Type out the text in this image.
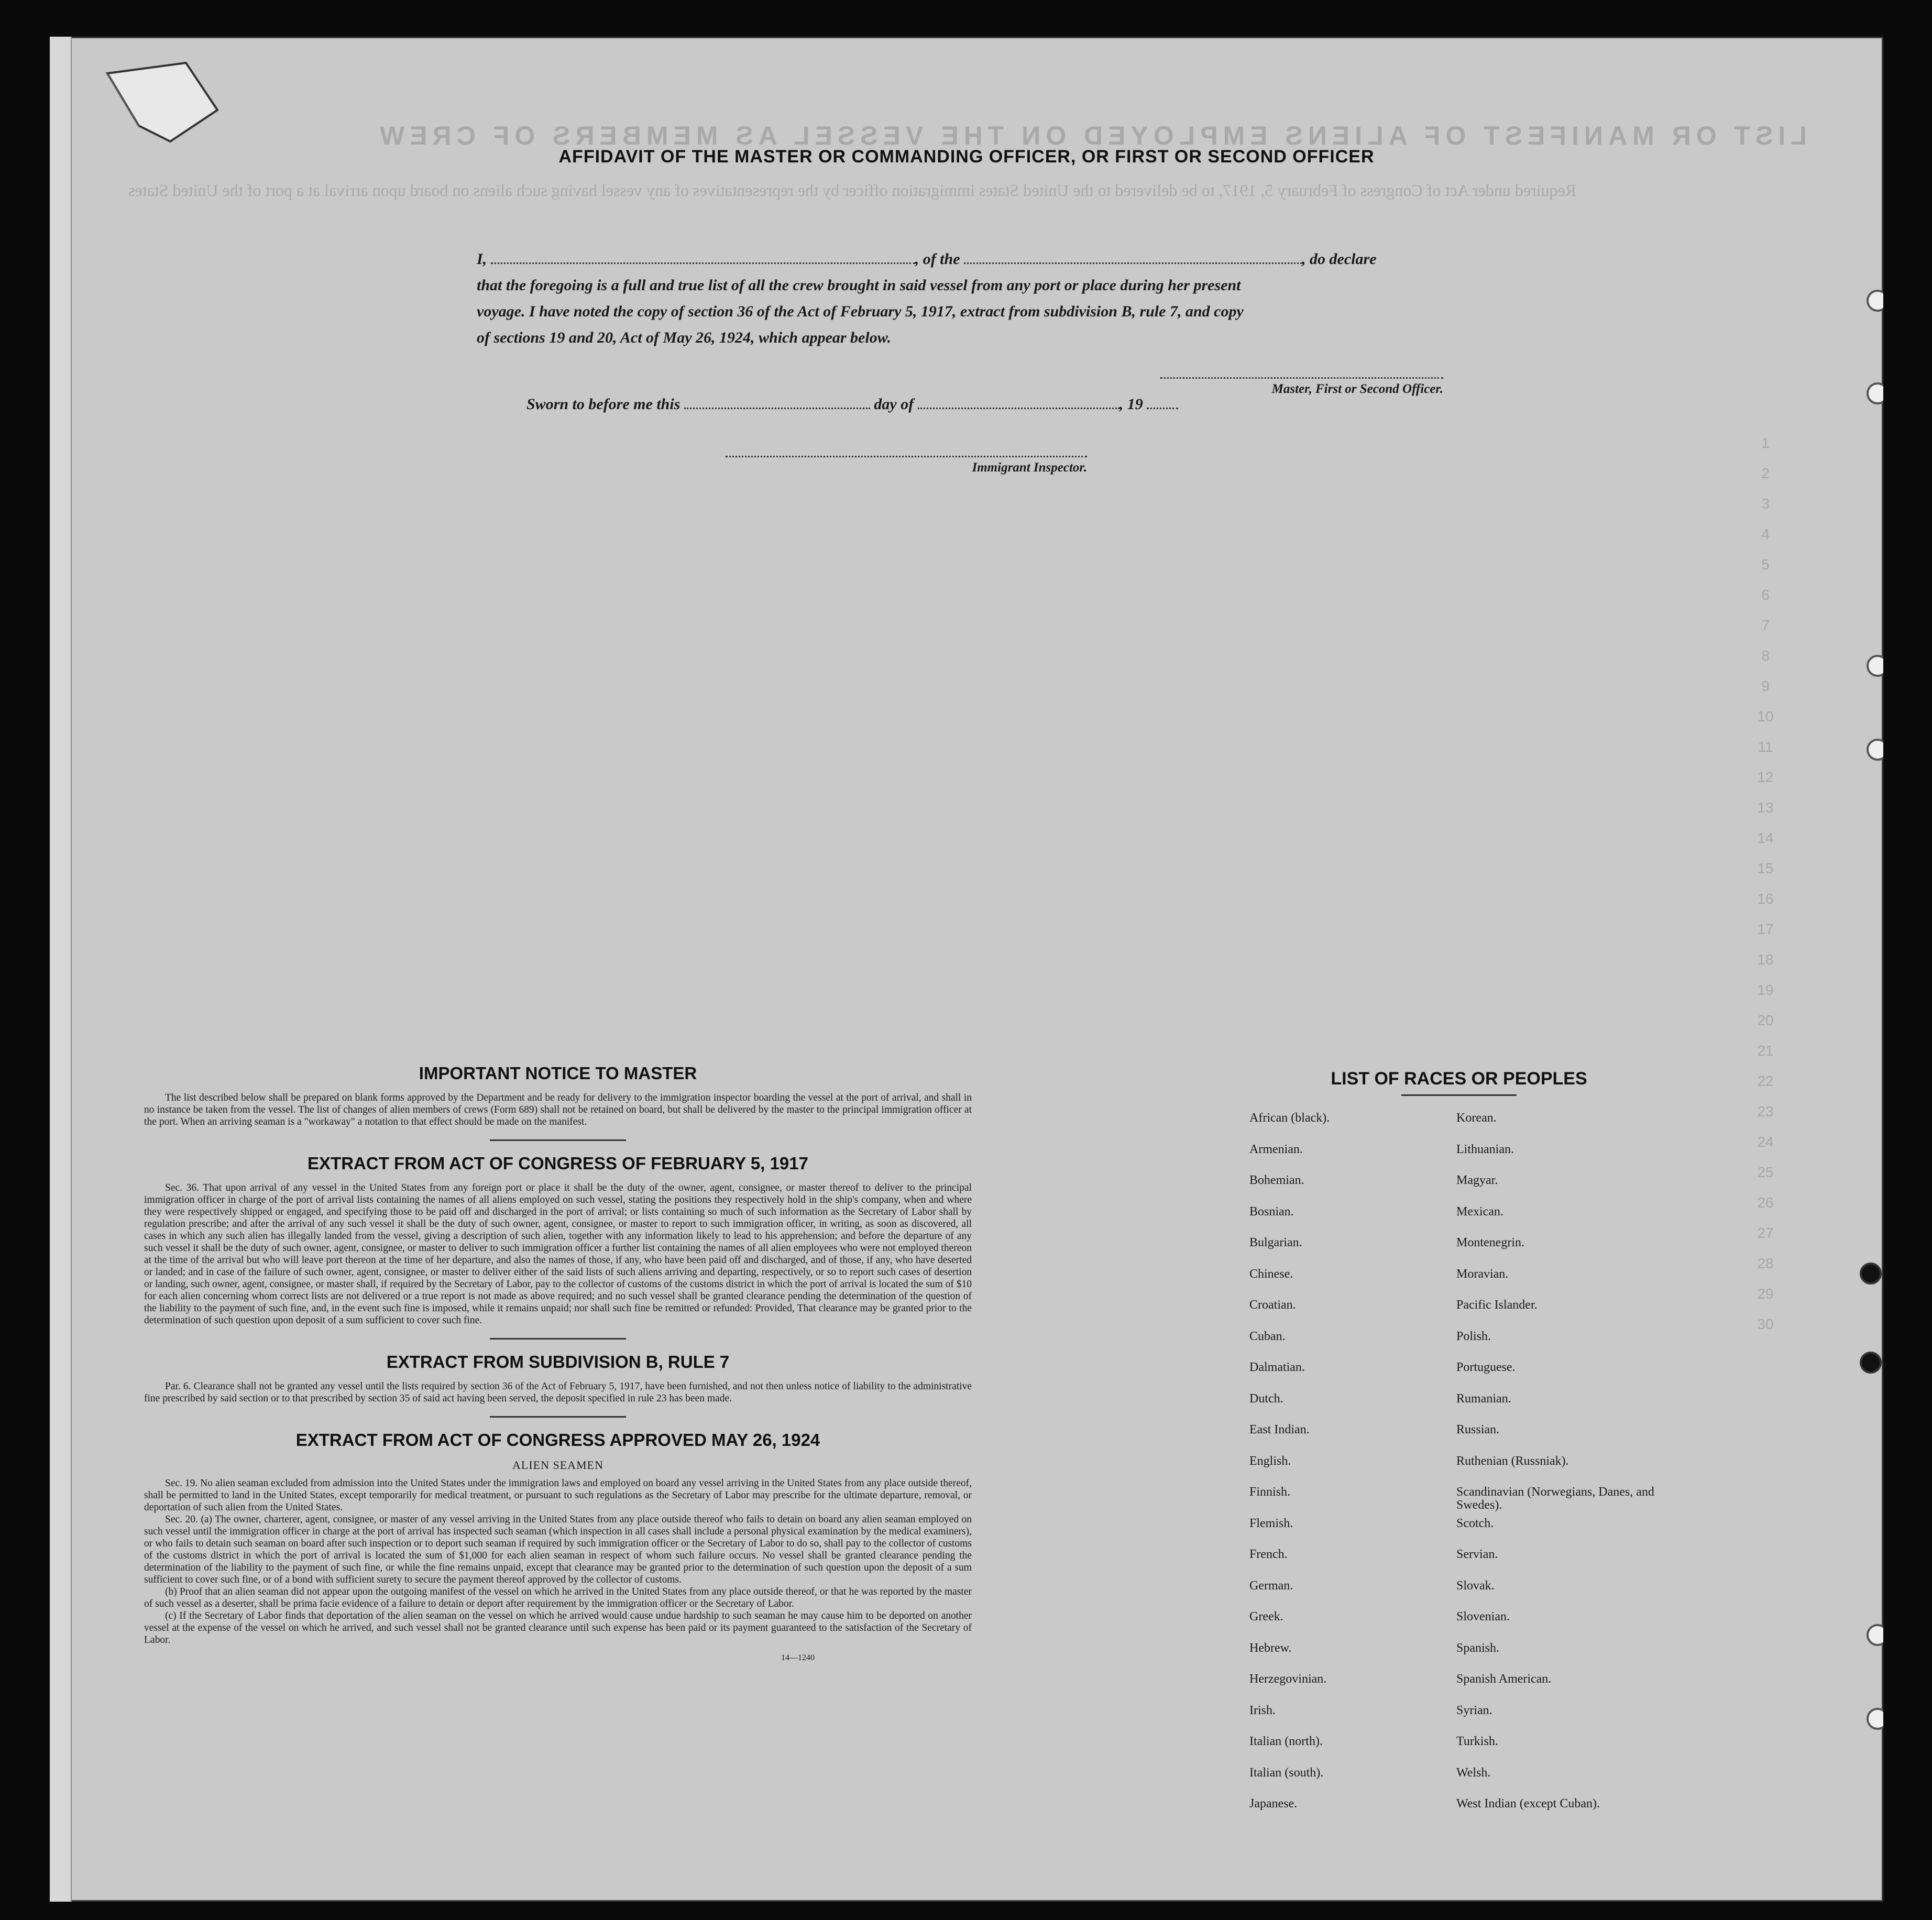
LIST OR MANIFEST OF ALIENS EMPLOYED ON THE VESSEL AS MEMBERS OF CREW
Required under Act of Congress of February 5, 1917, to be delivered to the United States immigration officer by the representatives of any vessel having such aliens on board upon arrival at a port of the United States
1
2
3
4
5
6
7
8
9
10
11
12
13
14
15
16
17
18
19
20
21
22
23
24
25
26
27
28
29
30
AFFIDAVIT OF THE MASTER OR COMMANDING OFFICER, OR FIRST OR SECOND OFFICER
I,	, of the	, do declare
that the foregoing is a full and true list of all the crew brought in said vessel from any port or place during her present
voyage. I have noted the copy of section 36 of the Act of February 5, 1917, extract from subdivision B, rule 7, and copy
of sections 19 and 20, Act of May 26, 1924, which appear below.
Master, First or Second Officer.
Sworn to before me this	day of	, 19
Immigrant Inspector.
IMPORTANT NOTICE TO MASTER

The list described below shall be prepared on blank forms approved by the Department and be ready for delivery to the immigration inspector boarding the vessel at the port of arrival, and shall in no instance be taken from the vessel. The list of changes of alien members of crews (Form 689) shall not be retained on board, but shall be delivered by the master to the principal immigration officer at the port. When an arriving seaman is a "workaway" a notation to that effect should be made on the manifest.

EXTRACT FROM ACT OF CONGRESS OF FEBRUARY 5, 1917

Sec. 36. That upon arrival of any vessel in the United States from any foreign port or place it shall be the duty of the owner, agent, consignee, or master thereof to deliver to the principal immigration officer in charge of the port of arrival lists containing the names of all aliens employed on such vessel, stating the positions they respectively hold in the ship's company, when and where they were respectively shipped or engaged, and specifying those to be paid off and discharged in the port of arrival; or lists containing so much of such information as the Secretary of Labor shall by regulation prescribe; and after the arrival of any such vessel it shall be the duty of such owner, agent, consignee, or master to report to such immigration officer, in writing, as soon as discovered, all cases in which any such alien has illegally landed from the vessel, giving a description of such alien, together with any information likely to lead to his apprehension; and before the departure of any such vessel it shall be the duty of such owner, agent, consignee, or master to deliver to such immigration officer a further list containing the names of all alien employees who were not employed thereon at the time of the arrival but who will leave port thereon at the time of her departure, and also the names of those, if any, who have been paid off and discharged, and of those, if any, who have deserted or landed; and in case of the failure of such owner, agent, consignee, or master to deliver either of the said lists of such aliens arriving and departing, respectively, or so to report such cases of desertion or landing, such owner, agent, consignee, or master shall, if required by the Secretary of Labor, pay to the collector of customs of the customs district in which the port of arrival is located the sum of $10 for each alien concerning whom correct lists are not delivered or a true report is not made as above required; and no such vessel shall be granted clearance pending the determination of the question of the liability to the payment of such fine, and, in the event such fine is imposed, while it remains unpaid; nor shall such fine be remitted or refunded: Provided, That clearance may be granted prior to the determination of such question upon deposit of a sum sufficient to cover such fine.

EXTRACT FROM SUBDIVISION B, RULE 7

Par. 6. Clearance shall not be granted any vessel until the lists required by section 36 of the Act of February 5, 1917, have been furnished, and not then unless notice of liability to the administrative fine prescribed by said section or to that prescribed by section 35 of said act having been served, the deposit specified in rule 23 has been made.

EXTRACT FROM ACT OF CONGRESS APPROVED MAY 26, 1924
ALIEN SEAMEN

Sec. 19. No alien seaman excluded from admission into the United States under the immigration laws and employed on board any vessel arriving in the United States from any place outside thereof, shall be permitted to land in the United States, except temporarily for medical treatment, or pursuant to such regulations as the Secretary of Labor may prescribe for the ultimate departure, removal, or deportation of such alien from the United States.

Sec. 20. (a) The owner, charterer, agent, consignee, or master of any vessel arriving in the United States from any place outside thereof who fails to detain on board any alien seaman employed on such vessel until the immigration officer in charge at the port of arrival has inspected such seaman (which inspection in all cases shall include a personal physical examination by the medical examiners), or who fails to detain such seaman on board after such inspection or to deport such seaman if required by such immigration officer or the Secretary of Labor to do so, shall pay to the collector of customs of the customs district in which the port of arrival is located the sum of $1,000 for each alien seaman in respect of whom such failure occurs. No vessel shall be granted clearance pending the determination of the liability to the payment of such fine, or while the fine remains unpaid, except that clearance may be granted prior to the determination of such question upon the deposit of a sum sufficient to cover such fine, or of a bond with sufficient surety to secure the payment thereof approved by the collector of customs.

(b) Proof that an alien seaman did not appear upon the outgoing manifest of the vessel on which he arrived in the United States from any place outside thereof, or that he was reported by the master of such vessel as a deserter, shall be prima facie evidence of a failure to detain or deport after requirement by the immigration officer or the Secretary of Labor.

(c) If the Secretary of Labor finds that deportation of the alien seaman on the vessel on which he arrived would cause undue hardship to such seaman he may cause him to be deported on another vessel at the expense of the vessel on which he arrived, and such vessel shall not be granted clearance until such expense has been paid or its payment guaranteed to the satisfaction of the Secretary of Labor.

14—1240
LIST OF RACES OR PEOPLES
African (black).	Korean.
Armenian.	Lithuanian.
Bohemian.	Magyar.
Bosnian.	Mexican.
Bulgarian.	Montenegrin.
Chinese.	Moravian.
Croatian.	Pacific Islander.
Cuban.	Polish.
Dalmatian.	Portuguese.
Dutch.	Rumanian.
East Indian.	Russian.
English.	Ruthenian (Russniak).
Finnish.	Scandinavian (Norwegians, Danes, and Swedes).
Flemish.	Scotch.
French.	Servian.
German.	Slovak.
Greek.	Slovenian.
Hebrew.	Spanish.
Herzegovinian.	Spanish American.
Irish.	Syrian.
Italian (north).	Turkish.
Italian (south).	Welsh.
Japanese.	West Indian (except Cuban).
